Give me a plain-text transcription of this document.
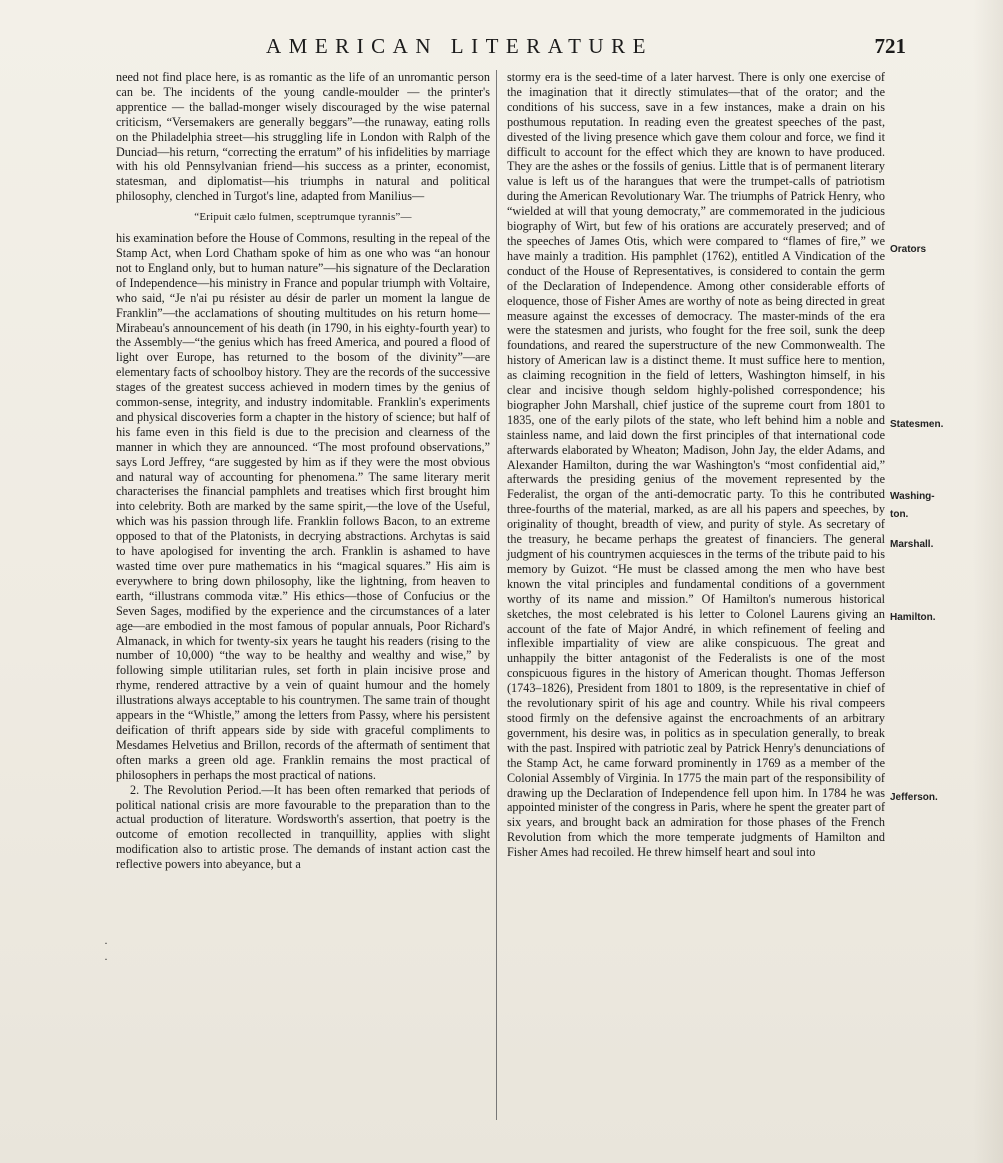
AMERICAN LITERATURE	721

need not find place here, is as romantic as the life of an unromantic person can be. The incidents of the young candle-moulder — the printer's apprentice — the ballad-monger wisely discouraged by the wise paternal criticism, “Versemakers are generally beggars”—the runaway, eating rolls on the Philadelphia street—his struggling life in London with Ralph of the Dunciad—his return, “correcting the erratum” of his infidelities by marriage with his old Pennsylvanian friend—his success as a printer, economist, statesman, and diplomatist—his triumphs in natural and political philosophy, clenched in Turgot's line, adapted from Manilius—

“Eripuit cælo fulmen, sceptrumque tyrannis”—

his examination before the House of Commons, resulting in the repeal of the Stamp Act, when Lord Chatham spoke of him as one who was “an honour not to England only, but to human nature”—his signature of the Declaration of Independence—his ministry in France and popular triumph with Voltaire, who said, “Je n'ai pu résister au désir de parler un moment la langue de Franklin”—the acclamations of shouting multitudes on his return home—Mirabeau's announcement of his death (in 1790, in his eighty-fourth year) to the Assembly—“the genius which has freed America, and poured a flood of light over Europe, has returned to the bosom of the divinity”—are elementary facts of schoolboy history. They are the records of the successive stages of the greatest success achieved in modern times by the genius of common-sense, integrity, and industry indomitable. Franklin's experiments and physical discoveries form a chapter in the history of science; but half of his fame even in this field is due to the precision and clearness of the manner in which they are announced. “The most profound observations,” says Lord Jeffrey, “are suggested by him as if they were the most obvious and natural way of accounting for phenomena.” The same literary merit characterises the financial pamphlets and treatises which first brought him into celebrity. Both are marked by the same spirit,—the love of the Useful, which was his passion through life. Franklin follows Bacon, to an extreme opposed to that of the Platonists, in decrying abstractions. Archytas is said to have apologised for inventing the arch. Franklin is ashamed to have wasted time over pure mathematics in his “magical squares.” His aim is everywhere to bring down philosophy, like the lightning, from heaven to earth, “illustrans commoda vitæ.” His ethics—those of Confucius or the Seven Sages, modified by the experience and the circumstances of a later age—are embodied in the most famous of popular annuals, Poor Richard's Almanack, in which for twenty-six years he taught his readers (rising to the number of 10,000) “the way to be healthy and wealthy and wise,” by following simple utilitarian rules, set forth in plain incisive prose and rhyme, rendered attractive by a vein of quaint humour and the homely illustrations always acceptable to his countrymen. The same train of thought appears in the “Whistle,” among the letters from Passy, where his persistent deification of thrift appears side by side with graceful compliments to Mesdames Helvetius and Brillon, records of the aftermath of sentiment that often marks a green old age. Franklin remains the most practical of philosophers in perhaps the most practical of nations.

2. The Revolution Period.—It has been often remarked that periods of political national crisis are more favourable to the preparation than to the actual production of literature. Wordsworth's assertion, that poetry is the outcome of emotion recollected in tranquillity, applies with slight modification also to artistic prose. The demands of instant action cast the reflective powers into abeyance, but a

stormy era is the seed-time of a later harvest. There is only one exercise of the imagination that it directly stimulates—that of the orator; and the conditions of his success, save in a few instances, make a drain on his posthumous reputation. In reading even the greatest speeches of the past, divested of the living presence which gave them colour and force, we find it difficult to account for the effect which they are known to have produced. They are the ashes or the fossils of genius. Little that is of permanent literary value is left us of the harangues that were the trumpet-calls of patriotism during the American Revolutionary War. The triumphs of Patrick Henry, who “wielded at will that young democraty,” are commemorated in the judicious biography of Wirt, but few of his orations are accurately preserved; and of the speeches of James Otis, which were compared to “flames of fire,” we have mainly a tradition. His pamphlet (1762), entitled A Vindication of the conduct of the House of Representatives, is considered to contain the germ of the Declaration of Independence. Among other considerable efforts of eloquence, those of Fisher Ames are worthy of note as being directed in great measure against the excesses of democracy. The master-minds of the era were the statesmen and jurists, who fought for the free soil, sunk the deep foundations, and reared the superstructure of the new Commonwealth. The history of American law is a distinct theme. It must suffice here to mention, as claiming recognition in the field of letters, Washington himself, in his clear and incisive though seldom highly-polished correspondence; his biographer John Marshall, chief justice of the supreme court from 1801 to 1835, one of the early pilots of the state, who left behind him a noble and stainless name, and laid down the first principles of that international code afterwards elaborated by Wheaton; Madison, John Jay, the elder Adams, and Alexander Hamilton, during the war Washington's “most confidential aid,” afterwards the presiding genius of the movement represented by the Federalist, the organ of the anti-democratic party. To this he contributed three-fourths of the material, marked, as are all his papers and speeches, by originality of thought, breadth of view, and purity of style. As secretary of the treasury, he became perhaps the greatest of financiers. The general judgment of his countrymen acquiesces in the terms of the tribute paid to his memory by Guizot. “He must be classed among the men who have best known the vital principles and fundamental conditions of a government worthy of its name and mission.” Of Hamilton's numerous historical sketches, the most celebrated is his letter to Colonel Laurens giving an account of the fate of Major André, in which refinement of feeling and inflexible impartiality of view are alike conspicuous. The great and unhappily the bitter antagonist of the Federalists is one of the most conspicuous figures in the history of American thought. Thomas Jefferson (1743–1826), President from 1801 to 1809, is the representative in chief of the revolutionary spirit of his age and country. While his rival compeers stood firmly on the defensive against the encroachments of an arbitrary government, his desire was, in politics as in speculation generally, to break with the past. Inspired with patriotic zeal by Patrick Henry's denunciations of the Stamp Act, he came forward prominently in 1769 as a member of the Colonial Assembly of Virginia. In 1775 the main part of the responsibility of drawing up the Declaration of Independence fell upon him. In 1784 he was appointed minister of the congress in Paris, where he spent the greater part of six years, and brought back an admiration for those phases of the French Revolution from which the more temperate judgments of Hamilton and Fisher Ames had recoiled. He threw himself heart and soul into

Orators
Statesmen.
Washing-
ton.
Marshall.
Hamilton.
Jefferson.
·
·
